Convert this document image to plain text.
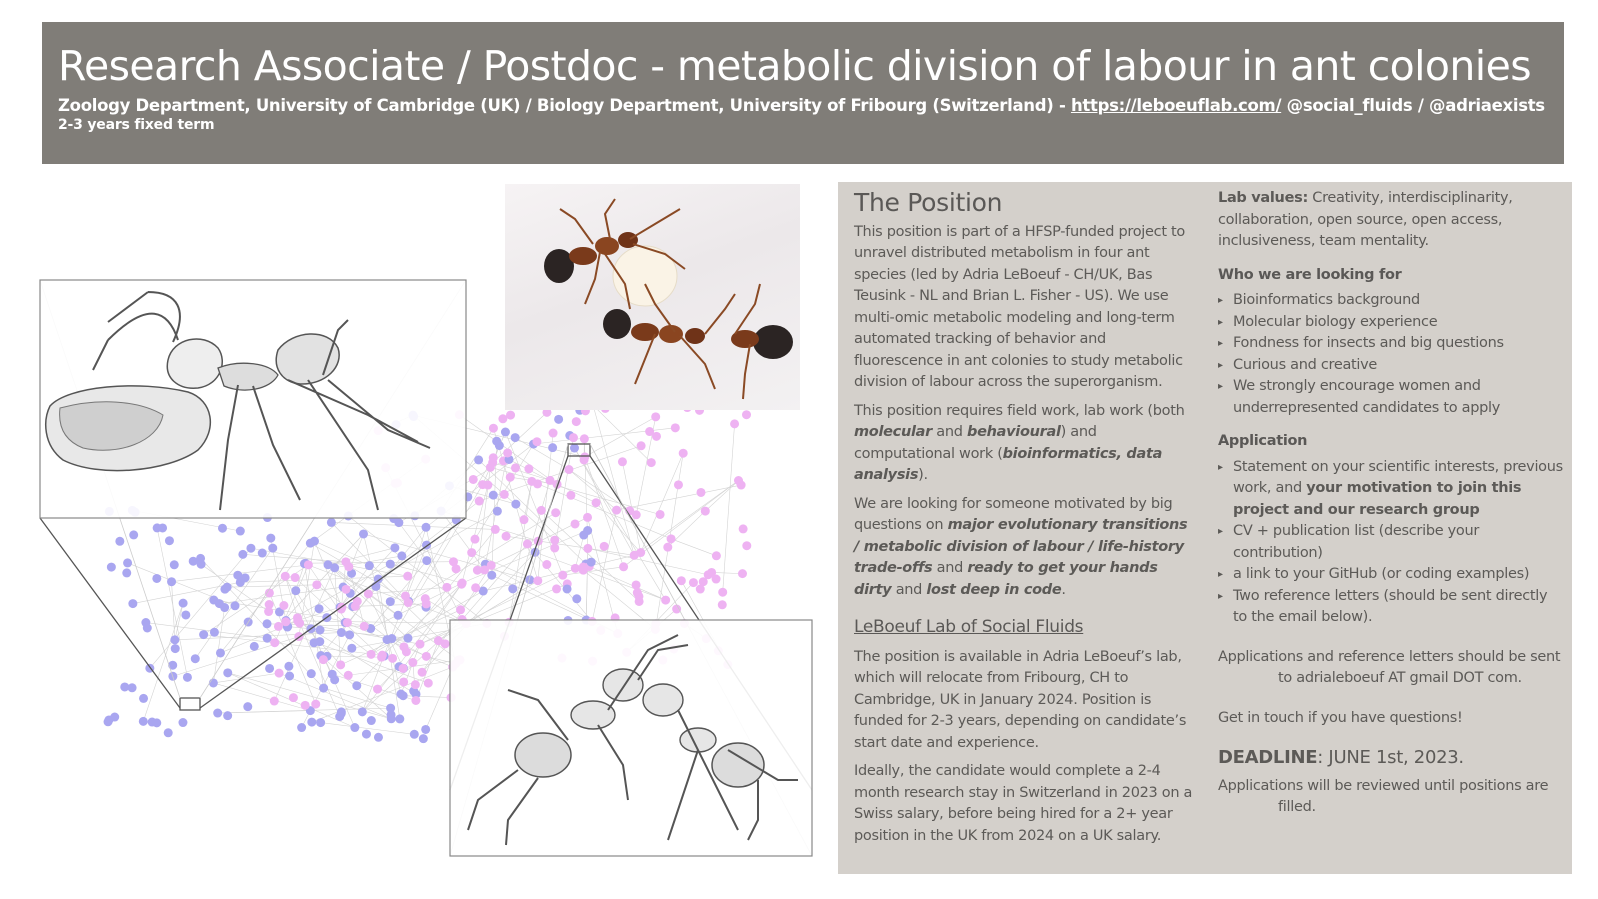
Research Associate / Postdoc - metabolic division of labour in ant colonies
Zoology Department, University of Cambridge (UK) / Biology Department, University of Fribourg (Switzerland) - https://leboeuflab.com/ @social_fluids / @adriaexists
2-3 years fixed term
The Position

This position is part of a HFSP-funded project to unravel distributed metabolism in four ant species (led by Adria LeBoeuf - CH/UK, Bas Teusink - NL and Brian L. Fisher - US). We use multi-omic metabolic modeling and long-term automated tracking of behavior and fluorescence in ant colonies to study metabolic division of labour across the superorganism.

This position requires field work, lab work (both molecular and behavioural) and computational work (bioinformatics, data analysis).

We are looking for someone motivated by big questions on major evolutionary transitions / metabolic division of labour / life-history trade-offs and ready to get your hands dirty and lost deep in code.

LeBoeuf Lab of Social Fluids

The position is available in Adria LeBoeuf’s lab, which will relocate from Fribourg, CH to Cambridge, UK in January 2024. Position is funded for 2-3 years, depending on candidate’s start date and experience.

Ideally, the candidate would complete a 2-4 month research stay in Switzerland in 2023 on a Swiss salary, before being hired for a 2+ year position in the UK from 2024 on a UK salary.

Lab values: Creativity, interdisciplinarity, collaboration, open source, open access, inclusiveness, team mentality.

Who we are looking for
▸ Bioinformatics background
▸ Molecular biology experience
▸ Fondness for insects and big questions
▸ Curious and creative
▸ We strongly encourage women and underrepresented candidates to apply
Application
▸ Statement on your scientific interests, previous work, and your motivation to join this project and our research group
▸ CV + publication list (describe your contribution)
▸ a link to your GitHub (or coding examples)
▸ Two reference letters (should be sent directly to the email below).

Applications and reference letters should be sent to adrialeboeuf AT gmail DOT com.

Get in touch if you have questions!

DEADLINE: JUNE 1st, 2023.

Applications will be reviewed until positions are filled.
